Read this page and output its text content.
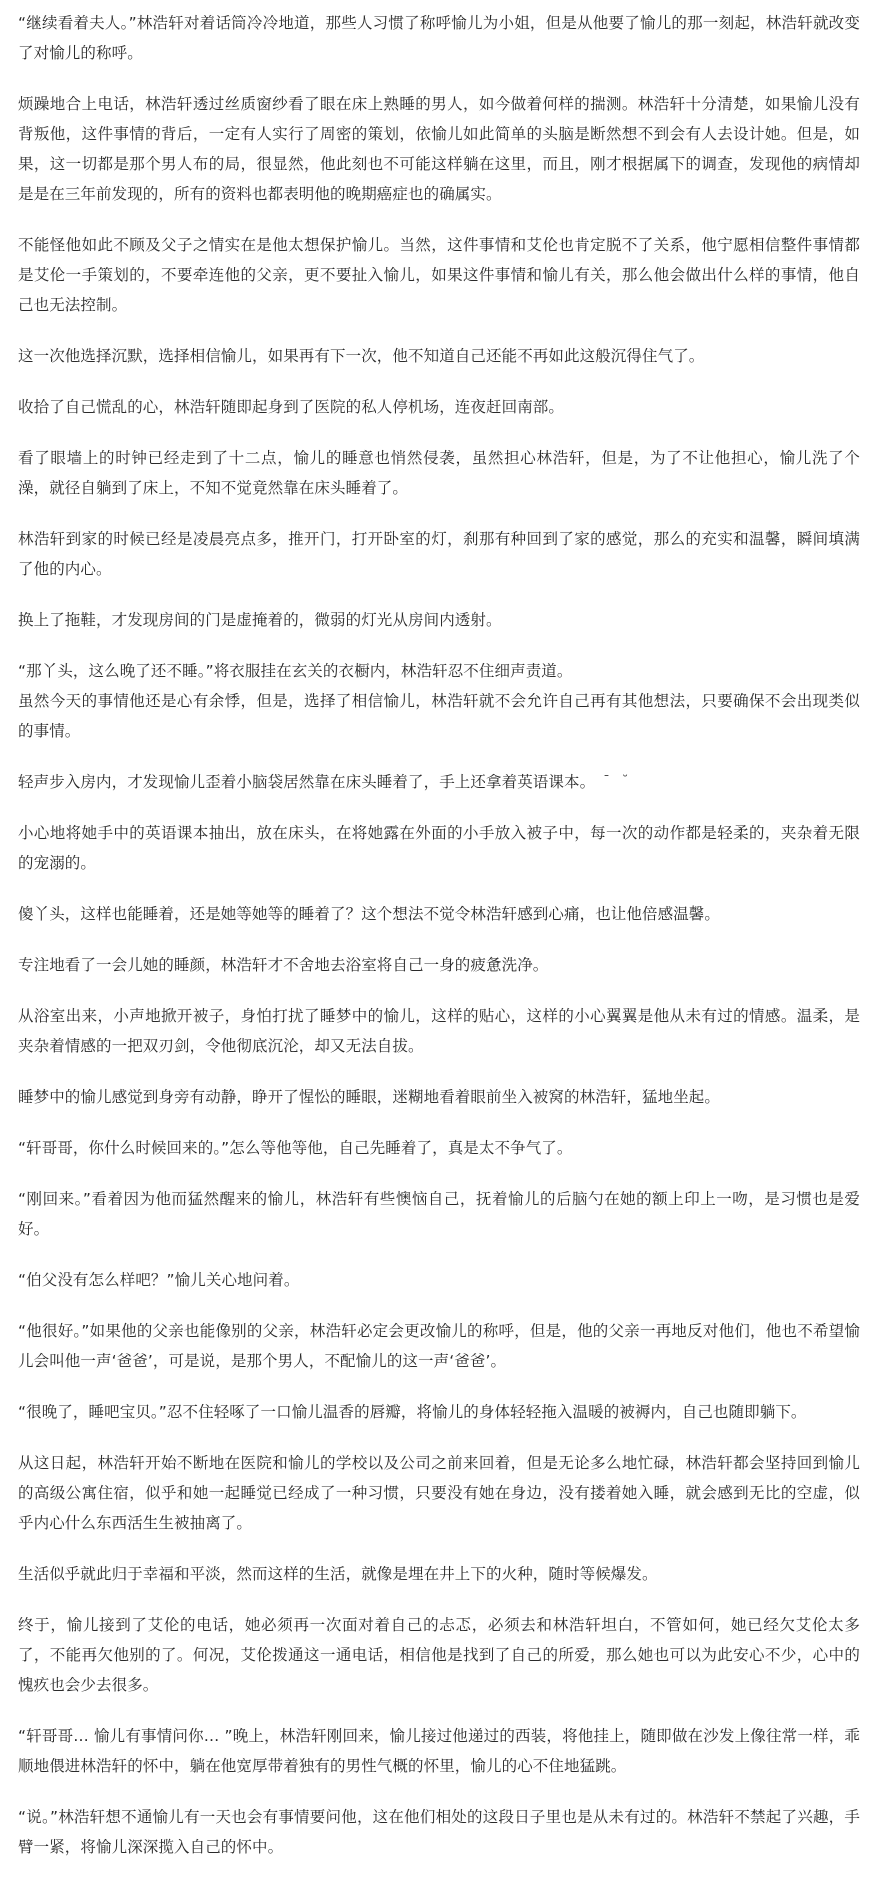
“继续看着夫人。”林浩轩对着话筒冷冷地道，那些人习惯了称呼愉儿为小姐，但是从他要了愉儿的那一刻起，林浩轩就改变了对愉儿的称呼。

烦躁地合上电话，林浩轩透过丝质窗纱看了眼在床上熟睡的男人，如今做着何样的揣测。林浩轩十分清楚，如果愉儿没有背叛他，这件事情的背后，一定有人实行了周密的策划，依愉儿如此简单的头脑是断然想不到会有人去设计她。但是，如果，这一切都是那个男人布的局，很显然，他此刻也不可能这样躺在这里，而且，刚才根据属下的调查，发现他的病情却是是在三年前发现的，所有的资料也都表明他的晚期癌症也的确属实。

不能怪他如此不顾及父子之情实在是他太想保护愉儿。当然，这件事情和艾伦也肯定脱不了关系，他宁愿相信整件事情都是艾伦一手策划的，不要牵连他的父亲，更不要扯入愉儿，如果这件事情和愉儿有关，那么他会做出什么样的事情，他自己也无法控制。

这一次他选择沉默，选择相信愉儿，如果再有下一次，他不知道自己还能不再如此这般沉得住气了。

收拾了自己慌乱的心，林浩轩随即起身到了医院的私人停机场，连夜赶回南部。

看了眼墙上的时钟已经走到了十二点，愉儿的睡意也悄然侵袭，虽然担心林浩轩，但是，为了不让他担心，愉儿洗了个澡，就径自躺到了床上，不知不觉竟然靠在床头睡着了。

林浩轩到家的时候已经是凌晨亮点多，推开门，打开卧室的灯，刹那有种回到了家的感觉，那么的充实和温馨，瞬间填满了他的内心。

换上了拖鞋，才发现房间的门是虚掩着的，微弱的灯光从房间内透射。

“那丫头，这么晚了还不睡。”将衣服挂在玄关的衣橱内，林浩轩忍不住细声责道。

虽然今天的事情他还是心有余悸，但是，选择了相信愉儿，林浩轩就不会允许自己再有其他想法，只要确保不会出现类似的事情。

轻声步入房内，才发现愉儿歪着小脑袋居然靠在床头睡着了，手上还拿着英语课本。 ¯ ˘

小心地将她手中的英语课本抽出，放在床头，在将她露在外面的小手放入被子中，每一次的动作都是轻柔的，夹杂着无限的宠溺的。

傻丫头，这样也能睡着，还是她等她等的睡着了？这个想法不觉令林浩轩感到心痛，也让他倍感温馨。

专注地看了一会儿她的睡颜，林浩轩才不舍地去浴室将自己一身的疲惫洗净。

从浴室出来，小声地掀开被子，身怕打扰了睡梦中的愉儿，这样的贴心，这样的小心翼翼是他从未有过的情感。温柔，是夹杂着情感的一把双刃剑，令他彻底沉沦，却又无法自拔。

睡梦中的愉儿感觉到身旁有动静，睁开了惺忪的睡眼，迷糊地看着眼前坐入被窝的林浩轩，猛地坐起。

“轩哥哥，你什么时候回来的。”怎么等他等他，自己先睡着了，真是太不争气了。

“刚回来。”看着因为他而猛然醒来的愉儿，林浩轩有些懊恼自己，抚着愉儿的后脑勺在她的额上印上一吻，是习惯也是爱好。

“伯父没有怎么样吧？”愉儿关心地问着。

“他很好。”如果他的父亲也能像别的父亲，林浩轩必定会更改愉儿的称呼，但是，他的父亲一再地反对他们，他也不希望愉儿会叫他一声‘爸爸’，可是说，是那个男人，不配愉儿的这一声‘爸爸’。

“很晚了，睡吧宝贝。”忍不住轻啄了一口愉儿温香的唇瓣，将愉儿的身体轻轻拖入温暖的被褥内，自己也随即躺下。

从这日起，林浩轩开始不断地在医院和愉儿的学校以及公司之前来回着，但是无论多么地忙碌，林浩轩都会坚持回到愉儿的高级公寓住宿，似乎和她一起睡觉已经成了一种习惯，只要没有她在身边，没有搂着她入睡，就会感到无比的空虚，似乎内心什么东西活生生被抽离了。

生活似乎就此归于幸福和平淡，然而这样的生活，就像是埋在井上下的火种，随时等候爆发。

终于，愉儿接到了艾伦的电话，她必须再一次面对着自己的忐忑，必须去和林浩轩坦白，不管如何，她已经欠艾伦太多了，不能再欠他别的了。何况，艾伦拨通这一通电话，相信他是找到了自己的所爱，那么她也可以为此安心不少，心中的愧疚也会少去很多。

“轩哥哥… 愉儿有事情问你… ”晚上，林浩轩刚回来，愉儿接过他递过的西装，将他挂上，随即做在沙发上像往常一样，乖顺地偎进林浩轩的怀中，躺在他宽厚带着独有的男性气概的怀里，愉儿的心不住地猛跳。

“说。”林浩轩想不通愉儿有一天也会有事情要问他，这在他们相处的这段日子里也是从未有过的。林浩轩不禁起了兴趣，手臂一紧，将愉儿深深揽入自己的怀中。
